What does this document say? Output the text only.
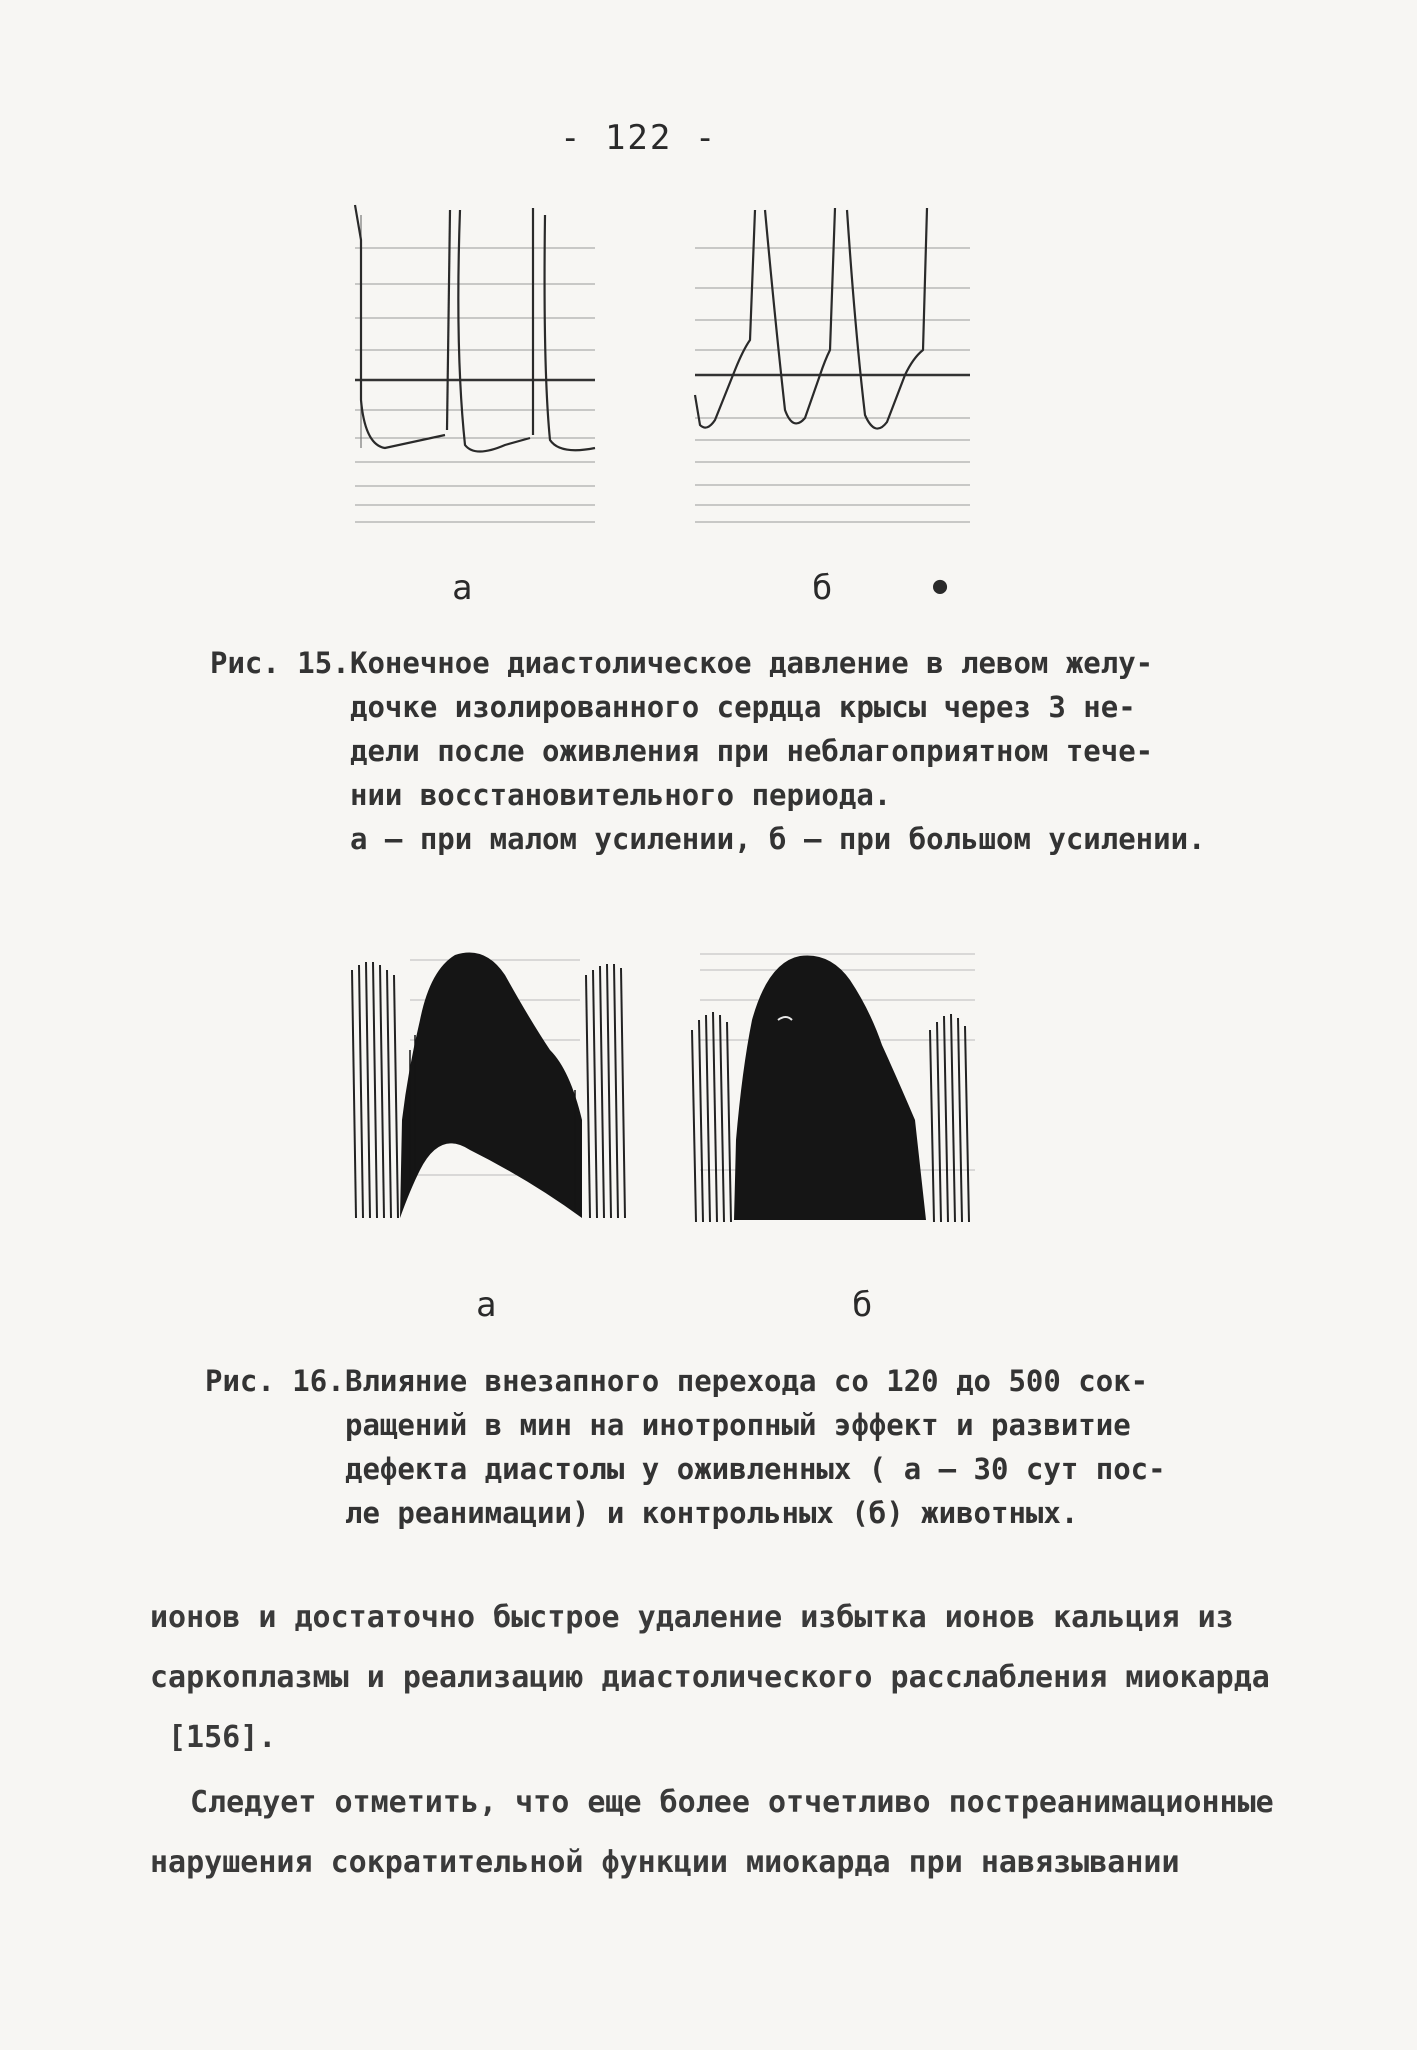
- 122 -
а	б •
Рис. 15. Конечное диастолическое давление в левом желу-
дочке изолированного сердца крысы через 3 не-
дели после оживления при неблагоприятном тече-
нии восстановительного периода.
а – при малом усилении, б – при большом усилении.
а	б
Рис. 16. Влияние внезапного перехода со 120 до 500 сок-
ращений в мин на инотропный эффект и развитие
дефекта диастолы у оживленных ( а – 30 сут пос-
ле реанимации) и контрольных (б) животных.
ионов и достаточно быстрое удаление избытка ионов кальция из
саркоплазмы и реализацию диастолического расслабления миокарда
[156].
Следует отметить, что еще более отчетливо постреанимационные
нарушения сократительной функции миокарда при навязывании
